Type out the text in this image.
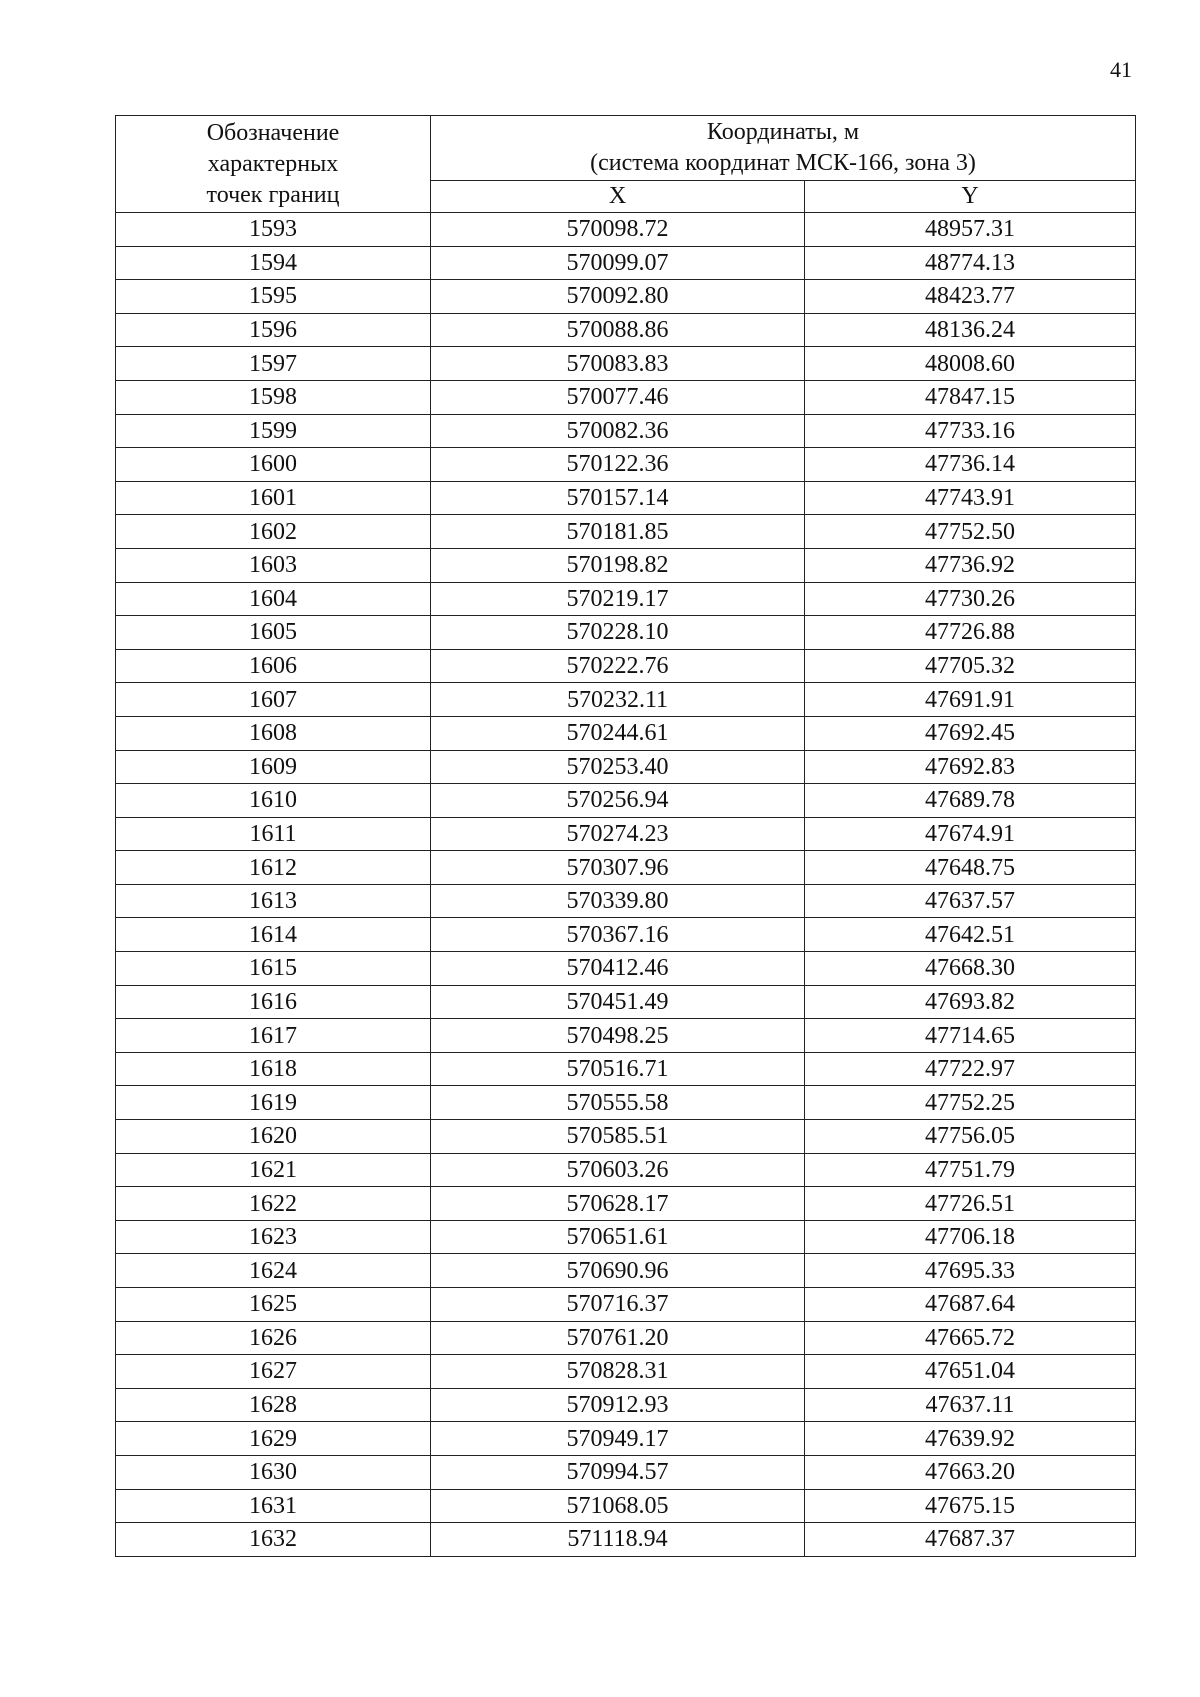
41
Обозначение
характерных
точек границ	Координаты, м
(система координат МСК-166, зона 3)	

	X	Y
1593	570098.72	48957.31
1594	570099.07	48774.13
1595	570092.80	48423.77
1596	570088.86	48136.24
1597	570083.83	48008.60
1598	570077.46	47847.15
1599	570082.36	47733.16
1600	570122.36	47736.14
1601	570157.14	47743.91
1602	570181.85	47752.50
1603	570198.82	47736.92
1604	570219.17	47730.26
1605	570228.10	47726.88
1606	570222.76	47705.32
1607	570232.11	47691.91
1608	570244.61	47692.45
1609	570253.40	47692.83
1610	570256.94	47689.78
1611	570274.23	47674.91
1612	570307.96	47648.75
1613	570339.80	47637.57
1614	570367.16	47642.51
1615	570412.46	47668.30
1616	570451.49	47693.82
1617	570498.25	47714.65
1618	570516.71	47722.97
1619	570555.58	47752.25
1620	570585.51	47756.05
1621	570603.26	47751.79
1622	570628.17	47726.51
1623	570651.61	47706.18
1624	570690.96	47695.33
1625	570716.37	47687.64
1626	570761.20	47665.72
1627	570828.31	47651.04
1628	570912.93	47637.11
1629	570949.17	47639.92
1630	570994.57	47663.20
1631	571068.05	47675.15
1632	571118.94	47687.37
